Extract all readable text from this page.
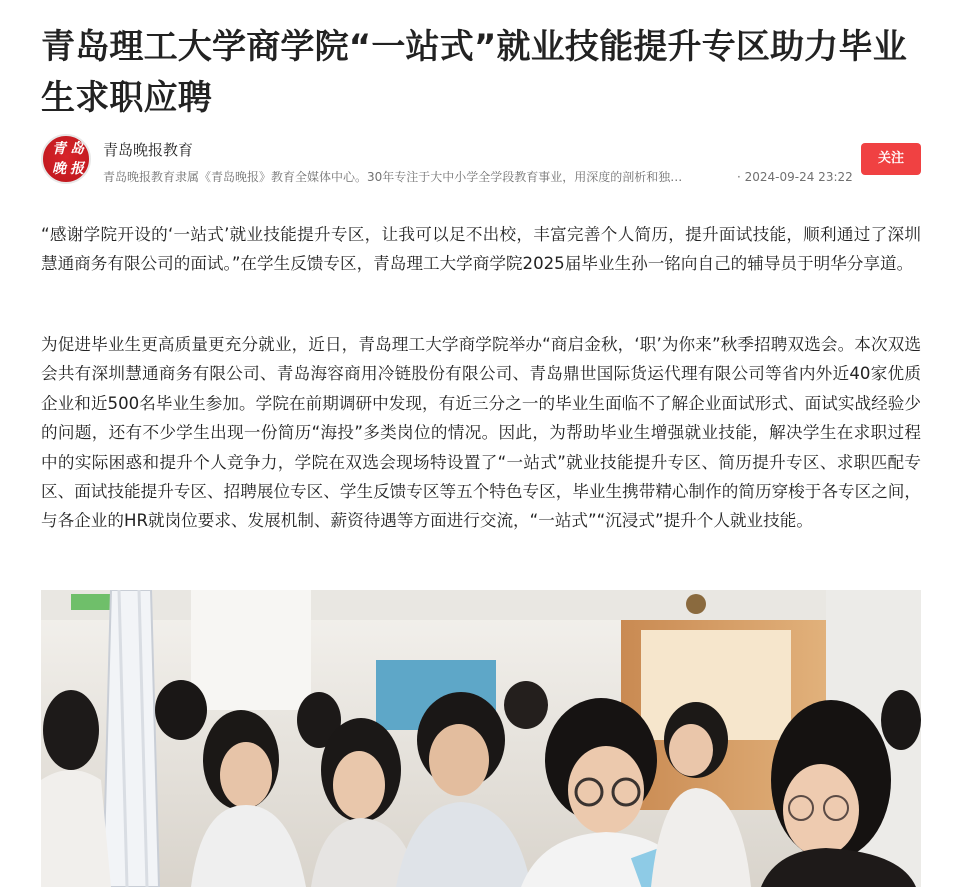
青岛理工大学商学院“一站式”就业技能提升专区助力毕业生求职应聘
青 岛
晚 报
青岛晚报教育
青岛晚报教育隶属《青岛晚报》教育全媒体中心。30年专注于大中小学全学段教育事业，用深度的剖析和独…	· 2024-09-24 23:22
关注

“感谢学院开设的‘一站式’就业技能提升专区，让我可以足不出校，丰富完善个人简历，提升面试技能，顺利通过了深圳慧通商务有限公司的面试。”在学生反馈专区，青岛理工大学商学院2025届毕业生孙一铭向自己的辅导员于明华分享道。

为促进毕业生更高质量更充分就业，近日，青岛理工大学商学院举办“商启金秋，‘职’为你来”秋季招聘双选会。本次双选会共有深圳慧通商务有限公司、青岛海容商用冷链股份有限公司、青岛鼎世国际货运代理有限公司等省内外近40家优质企业和近500名毕业生参加。学院在前期调研中发现，有近三分之一的毕业生面临不了解企业面试形式、面试实战经验少的问题，还有不少学生出现一份简历“海投”多类岗位的情况。因此，为帮助毕业生增强就业技能，解决学生在求职过程中的实际困惑和提升个人竞争力，学院在双选会现场特设置了“一站式”就业技能提升专区、简历提升专区、求职匹配专区、面试技能提升专区、招聘展位专区、学生反馈专区等五个特色专区，毕业生携带精心制作的简历穿梭于各专区之间，与各企业的HR就岗位要求、发展机制、薪资待遇等方面进行交流，“一站式”“沉浸式”提升个人就业技能。
